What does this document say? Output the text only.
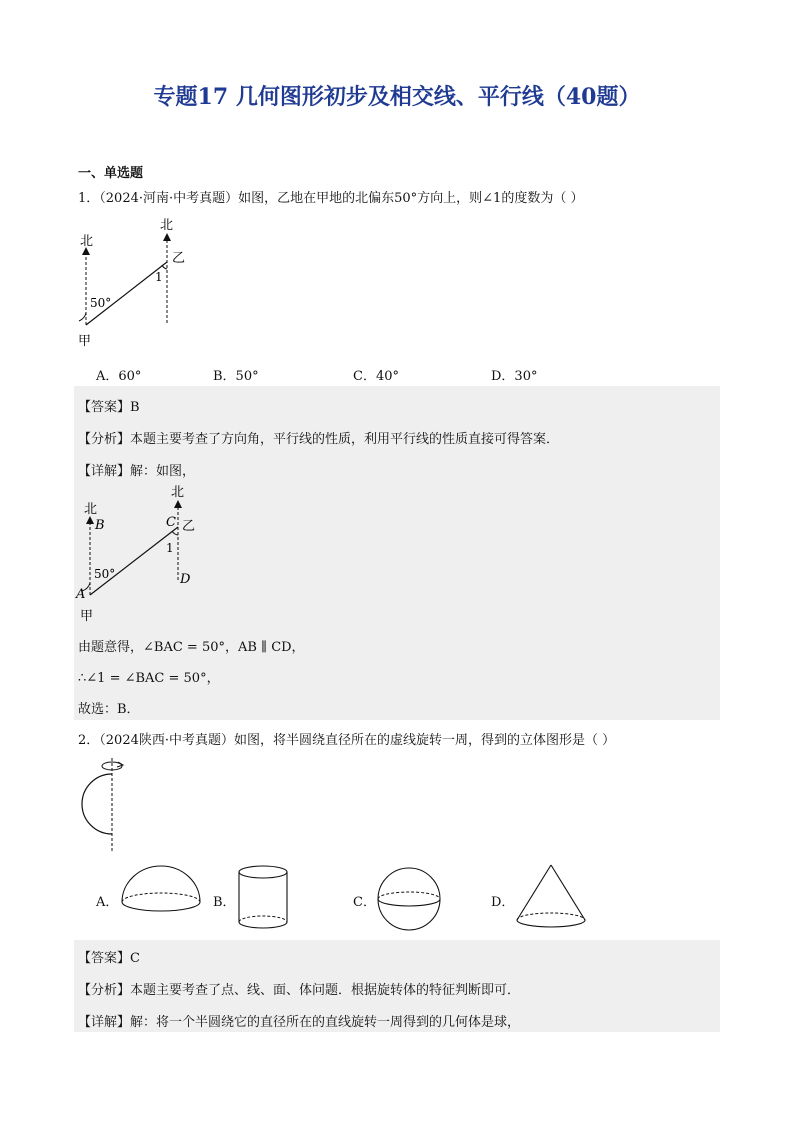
专题17 几何图形初步及相交线、平行线（40题）
一、单选题
1．（2024·河南·中考真题）如图，乙地在甲地的北偏东50°方向上，则∠1的度数为（ ）
北
北
乙
1
50°
甲
A．60°	B．50°	C．40°	D．30°
【答案】B
【分析】本题主要考查了方向角，平行线的性质，利用平行线的性质直接可得答案．
【详解】解：如图，
北
北
B	C 乙
1
50°	D
A
甲
由题意得，∠BAC = 50°，AB ∥ CD，
∴∠1 = ∠BAC = 50°，
故选：B．
2．（2024陕西·中考真题）如图，将半圆绕直径所在的虚线旋转一周，得到的立体图形是（ ）
A．	B．	C．	D．
【答案】C
【分析】本题主要考查了点、线、面、体问题．根据旋转体的特征判断即可．
【详解】解：将一个半圆绕它的直径所在的直线旋转一周得到的几何体是球，
